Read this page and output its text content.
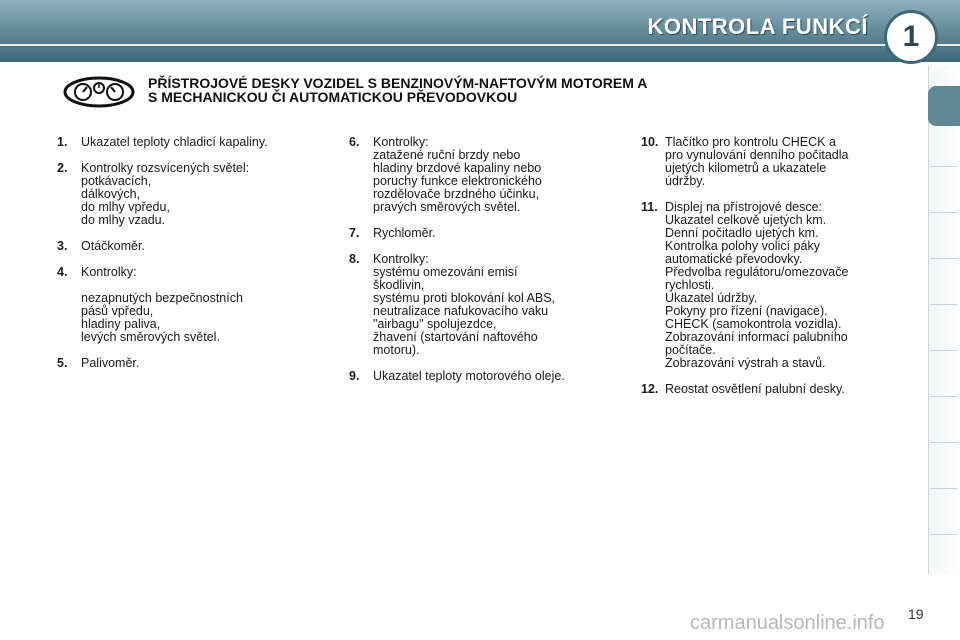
KONTROLA FUNKCÍ	1
PŘÍSTROJOVÉ DESKY VOZIDEL S BENZINOVÝM-NAFTOVÝM MOTOREM A
S MECHANICKOU ČI AUTOMATICKOU PŘEVODOVKOU
1.	Ukazatel teploty chladicí kapaliny.
2.	Kontrolky rozsvícených světel:
potkávacích,
dálkových,
do mlhy vpředu,
do mlhy vzadu.
3.	Otáčkoměr.
4.	Kontrolky:

nezapnutých bezpečnostních
pásů vpředu,
hladiny paliva,
levých směrových světel.
5.	Palivoměr.
6.	Kontrolky:
zatažené ruční brzdy nebo
hladiny brzdové kapaliny nebo
poruchy funkce elektronického
rozdělovače brzdného účinku,
pravých směrových světel.
7.	Rychloměr.
8.	Kontrolky:
systému omezování emisí
škodlivin,
systému proti blokování kol ABS,
neutralizace nafukovacího vaku
"airbagu" spolujezdce,
žhavení (startování naftového
motoru).
9.	Ukazatel teploty motorového oleje.
10. Tlačítko pro kontrolu CHECK a
pro vynulování denního počitadla
ujetých kilometrů a ukazatele
údržby.
11. Displej na přístrojové desce:
Ukazatel celkově ujetých km.
Denní počitadlo ujetých km.
Kontrolka polohy volicí páky
automatické převodovky.
Předvolba regulátoru/omezovače
rychlosti.
Ukazatel údržby.
Pokyny pro řízení (navigace).
CHECK (samokontrola vozidla).
Zobrazování informací palubního
počítače.
Zobrazování výstrah a stavů.
12. Reostat osvětlení palubní desky.
carmanualsonline.info 19
